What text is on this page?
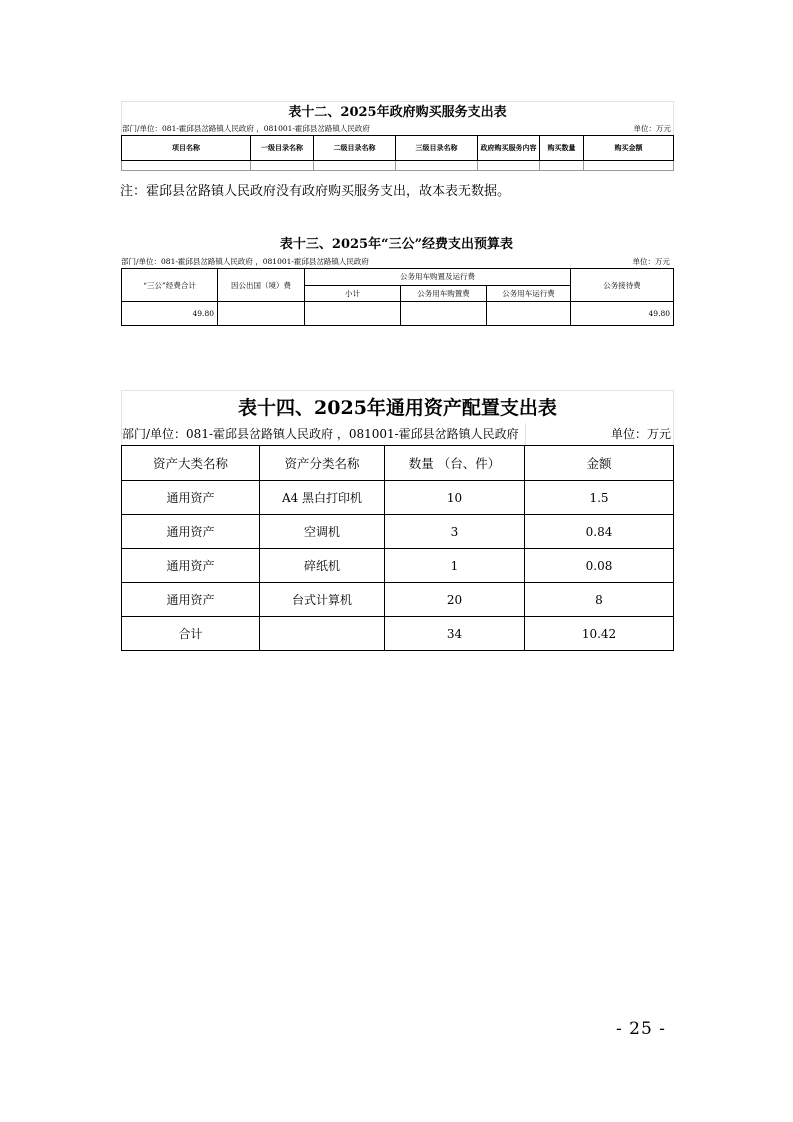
表十二、2025年政府购买服务支出表
部门/单位：081-霍邱县岔路镇人民政府 ，081001-霍邱县岔路镇人民政府	单位：万元
项目名称	一级目录名称	二级目录名称	三级目录名称	政府购买服务内容	购买数量	购买金额

注：霍邱县岔路镇人民政府没有政府购买服务支出，故本表无数据。
表十三、2025年“三公”经费支出预算表
部门/单位：081-霍邱县岔路镇人民政府 ，081001-霍邱县岔路镇人民政府	单位：万元
“三公”经费合计	因公出国（境）费	公务用车购置及运行费			公务接待费
		小计	公务用车购置费	公务用车运行费	
49.80					49.80
表十四、2025年通用资产配置支出表
部门/单位：081-霍邱县岔路镇人民政府 ，081001-霍邱县岔路镇人民政府	单位：万元
资产大类名称	资产分类名称	数量 （台、件）	金额
通用资产	A4 黑白打印机	10	1.5
通用资产	空调机	3	0.84
通用资产	碎纸机	1	0.08
通用资产	台式计算机	20	8
合计		34	10.42
- 25 -
